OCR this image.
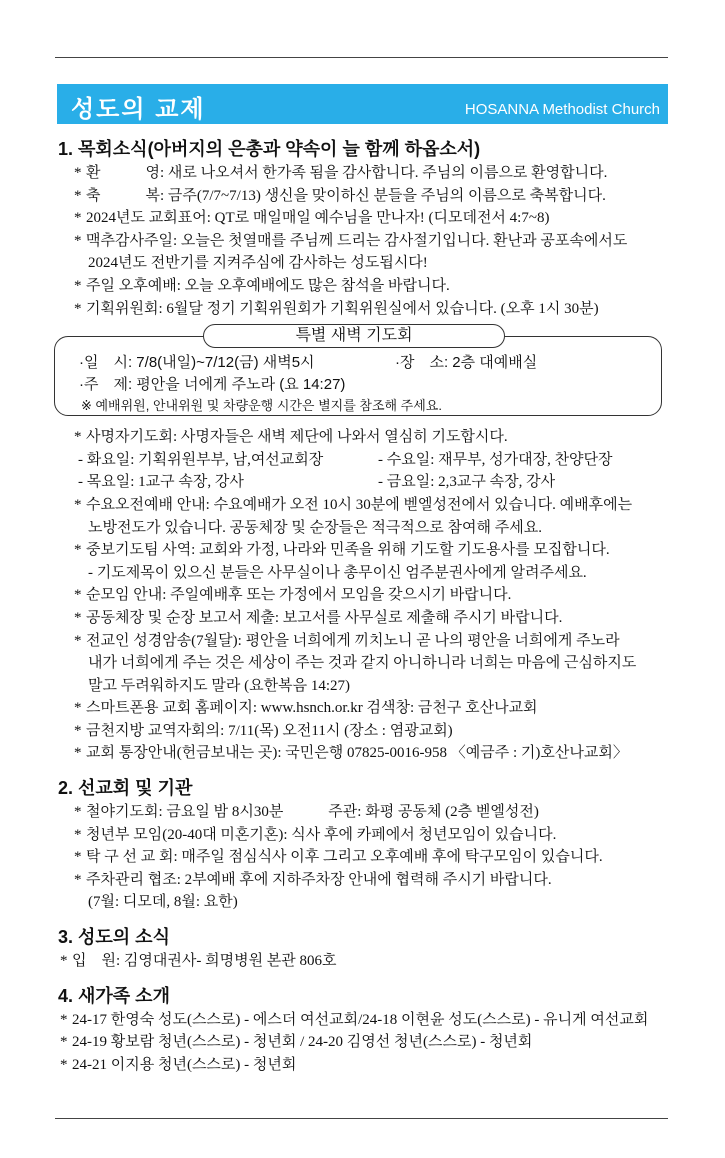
성도의 교제	HOSANNA Methodist Church
1. 목회소식(아버지의 은총과 약속이 늘 함께 하옵소서)
* 환　　　영: 새로 나오셔서 한가족 됨을 감사합니다. 주님의 이름으로 환영합니다.
* 축　　　복: 금주(7/7~7/13) 생신을 맞이하신 분들을 주님의 이름으로 축복합니다.
* 2024년도 교회표어: QT로 매일매일 예수님을 만나자! (디모데전서 4:7~8)
* 맥추감사주일: 오늘은 첫열매를 주님께 드리는 감사절기입니다. 환난과 공포속에서도
2024년도 전반기를 지켜주심에 감사하는 성도됩시다!
* 주일 오후예배: 오늘 오후예배에도 많은 참석을 바랍니다.
* 기획위원회: 6월달 정기 기획위원회가 기획위원실에서 있습니다. (오후 1시 30분)
특별 새벽 기도회
·일　시: 7/8(내일)~7/12(금) 새벽5시	·장　소: 2층 대예배실
·주　제: 평안을 너에게 주노라 (요 14:27)
※ 예배위원, 안내위원 및 차량운행 시간은 별지를 참조해 주세요.
* 사명자기도회: 사명자들은 새벽 제단에 나와서 열심히 기도합시다.
- 화요일: 기획위원부부, 남,여선교회장	- 수요일: 재무부, 성가대장, 찬양단장
- 목요일: 1교구 속장, 강사	- 금요일: 2,3교구 속장, 강사
* 수요오전예배 안내: 수요예배가 오전 10시 30분에 벧엘성전에서 있습니다. 예배후에는
노방전도가 있습니다. 공동체장 및 순장들은 적극적으로 참여해 주세요.
* 중보기도팀 사역: 교회와 가정, 나라와 민족을 위해 기도할 기도용사를 모집합니다.
- 기도제목이 있으신 분들은 사무실이나 총무이신 엄주분권사에게 알려주세요.
* 순모임 안내: 주일예배후 또는 가정에서 모임을 갖으시기 바랍니다.
* 공동체장 및 순장 보고서 제출: 보고서를 사무실로 제출해 주시기 바랍니다.
* 전교인 성경암송(7월달): 평안을 너희에게 끼치노니 곧 나의 평안을 너희에게 주노라
내가 너희에게 주는 것은 세상이 주는 것과 같지 아니하니라 너희는 마음에 근심하지도
말고 두려워하지도 말라 (요한복음 14:27)
* 스마트폰용 교회 홈페이지: www.hsnch.or.kr 검색창: 금천구 호산나교회
* 금천지방 교역자회의: 7/11(목) 오전11시 (장소 : 염광교회)
* 교회 통장안내(헌금보내는 곳): 국민은행 07825-0016-958 〈예금주 : 기)호산나교회〉
2. 선교회 및 기관
* 철야기도회: 금요일 밤 8시30분　　　주관: 화평 공동체 (2층 벧엘성전)
* 청년부 모임(20-40대 미혼기혼): 식사 후에 카페에서 청년모임이 있습니다.
* 탁 구 선 교 회: 매주일 점심식사 이후 그리고 오후예배 후에 탁구모임이 있습니다.
* 주차관리 협조: 2부예배 후에 지하주차장 안내에 협력해 주시기 바랍니다.
(7월: 디모데, 8월: 요한)
3. 성도의 소식
* 입　원: 김영대권사- 희명병원 본관 806호
4. 새가족 소개
* 24-17 한영숙 성도(스스로) - 에스더 여선교회/24-18 이현윤 성도(스스로) - 유니게 여선교회
* 24-19 황보람 청년(스스로) - 청년회 / 24-20 김영선 청년(스스로) - 청년회
* 24-21 이지용 청년(스스로) - 청년회
